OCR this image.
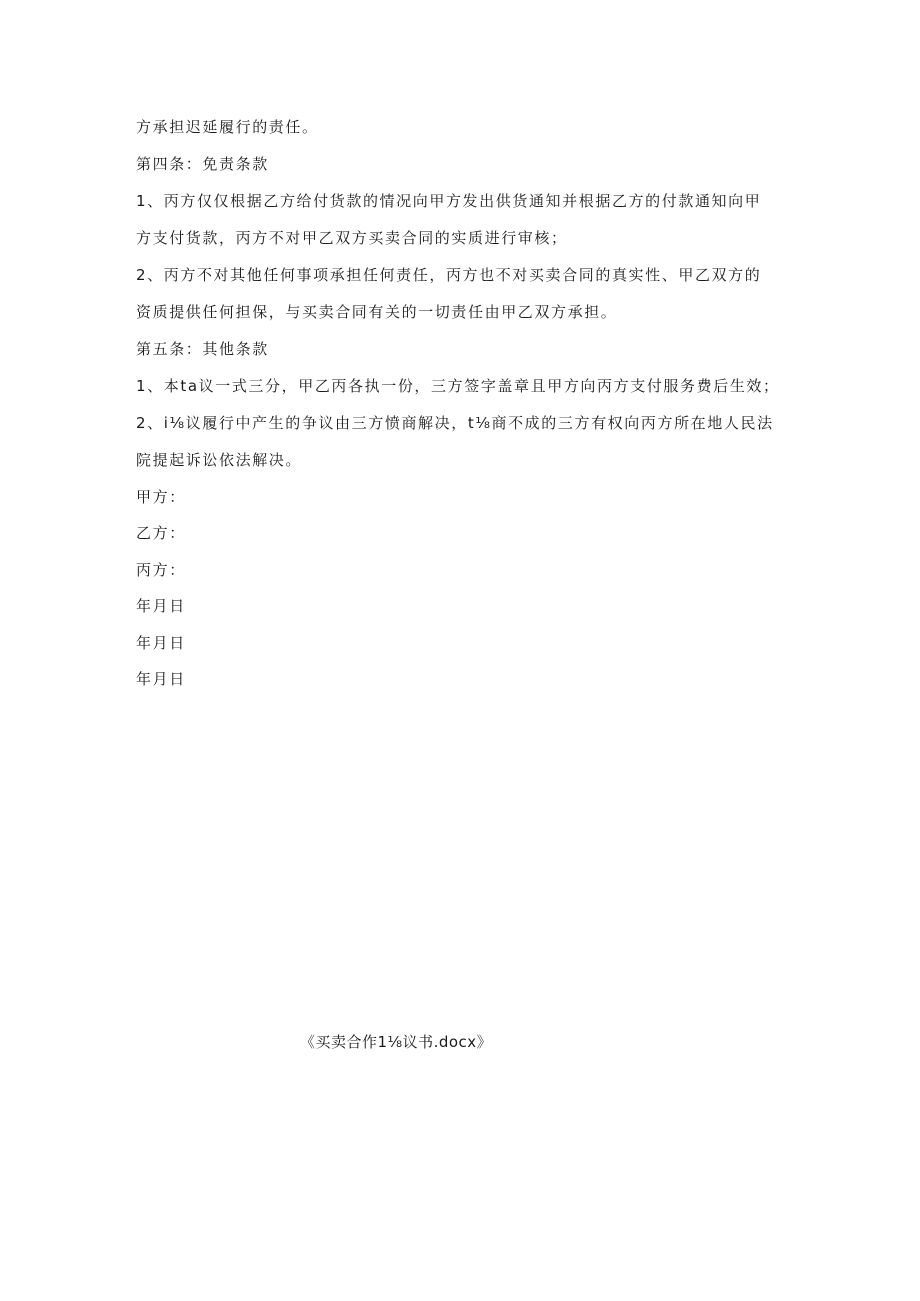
方承担迟延履行的责任。
第四条：免责条款
1、丙方仅仅根据乙方给付货款的情况向甲方发出供货通知并根据乙方的付款通知向甲
方支付货款，丙方不对甲乙双方买卖合同的实质进行审核；
2、丙方不对其他任何事项承担任何责任，丙方也不对买卖合同的真实性、甲乙双方的
资质提供任何担保，与买卖合同有关的一切责任由甲乙双方承担。
第五条：其他条款
1、本ta议一式三分，甲乙丙各执一份，三方签字盖章且甲方向丙方支付服务费后生效；
2、i⅛议履行中产生的争议由三方愤商解决，t⅛商不成的三方有权向丙方所在地人民法
院提起诉讼依法解决。
甲方：
乙方：
丙方：
年月日
年月日
年月日
《买卖合作1⅛议书.docx》
